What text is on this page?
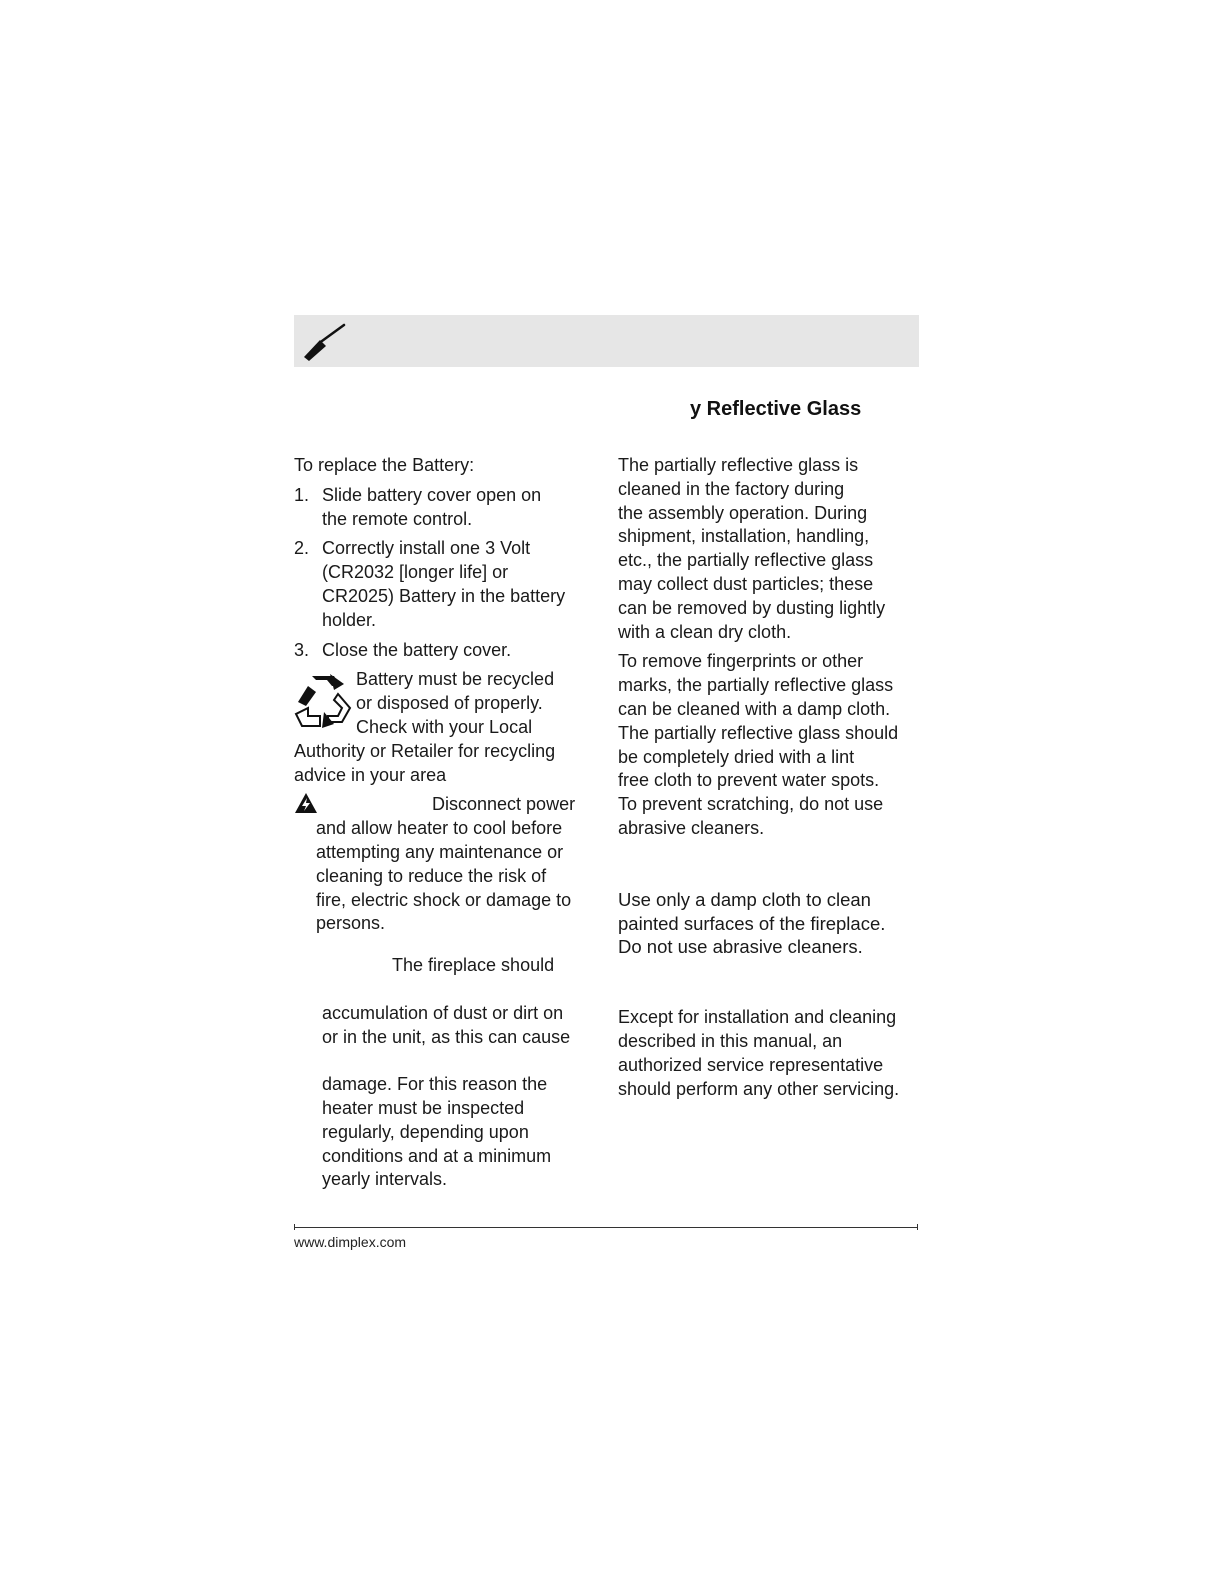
y Reflective Glass

To replace the Battery:

1. Slide battery cover open on
the remote control.
2. Correctly install one 3 Volt
(CR2032 [longer life] or
CR2025) Battery in the battery
holder.
3. Close the battery cover.
Battery must be recycled
or disposed of properly.
Check with your Local
Authority or Retailer for recycling
advice in your area
Disconnect power
and allow heater to cool before
attempting any maintenance or
cleaning to reduce the risk of
fire, electric shock or damage to
persons.
The fireplace should
accumulation of dust or dirt on
or in the unit, as this can cause
damage. For this reason the
heater must be inspected
regularly, depending upon
conditions and at a minimum
yearly intervals.
The partially reflective glass is
cleaned in the factory during
the assembly operation. During
shipment, installation, handling,
etc., the partially reflective glass
may collect dust particles; these
can be removed by dusting lightly
with a clean dry cloth.
To remove fingerprints or other
marks, the partially reflective glass
can be cleaned with a damp cloth.
The partially reflective glass should
be completely dried with a lint
free cloth to prevent water spots.
To prevent scratching, do not use
abrasive cleaners.
Use only a damp cloth to clean
painted surfaces of the fireplace.
Do not use abrasive cleaners.
Except for installation and cleaning
described in this manual, an
authorized service representative
should perform any other servicing.
www.dimplex.com
